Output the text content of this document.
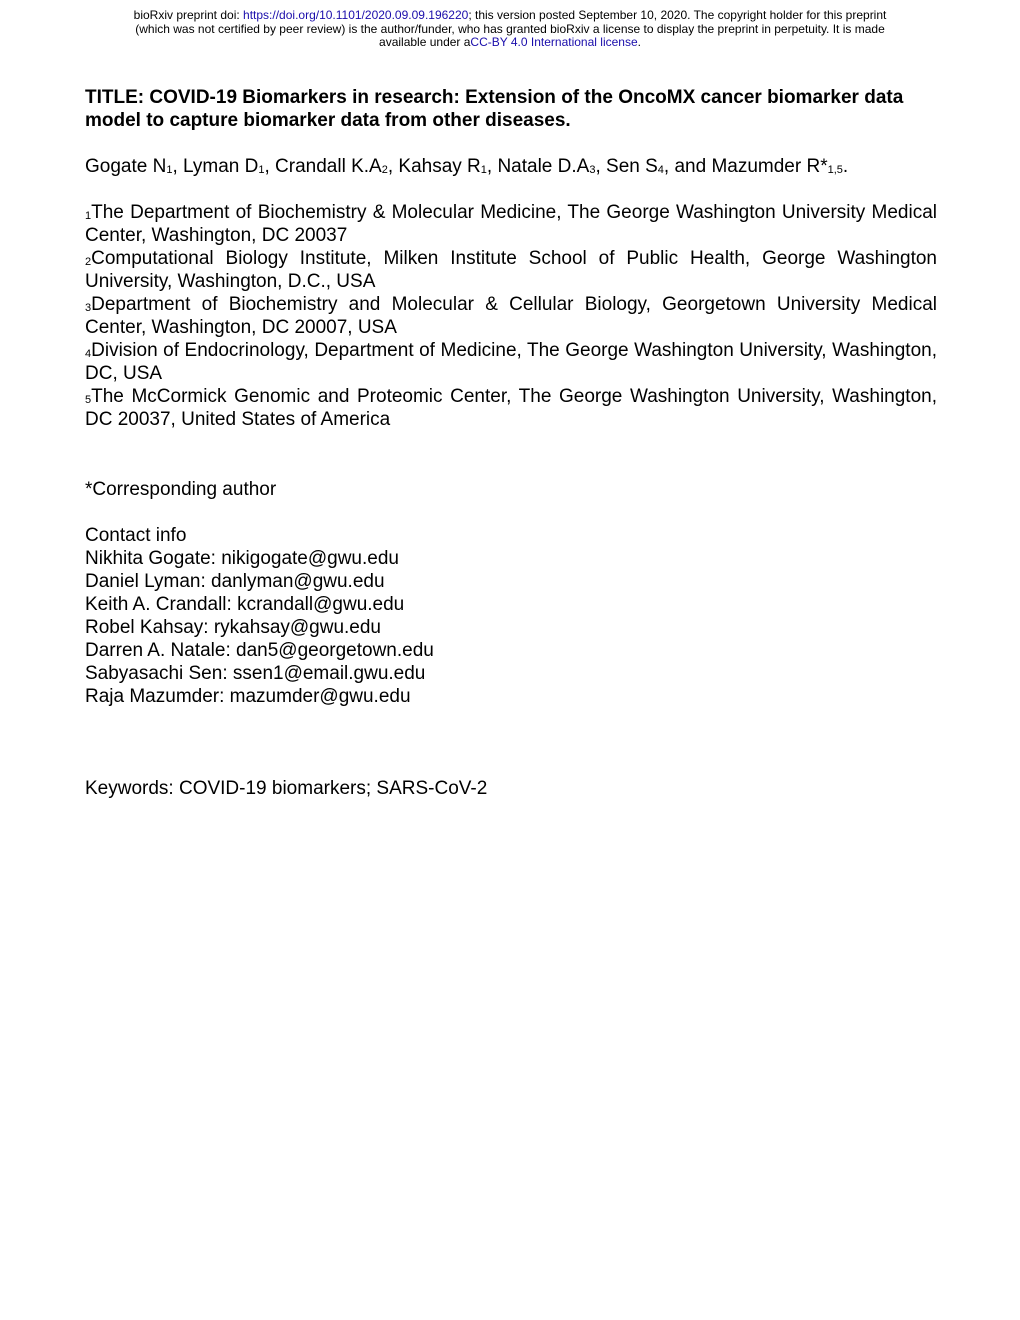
bioRxiv preprint doi: https://doi.org/10.1101/2020.09.09.196220; this version posted September 10, 2020. The copyright holder for this preprint
(which was not certified by peer review) is the author/funder, who has granted bioRxiv a license to display the preprint in perpetuity. It is made
available under aCC-BY 4.0 International license.
TITLE: COVID-19 Biomarkers in research: Extension of the OncoMX cancer biomarker data model to capture biomarker data from other diseases.
Gogate $N_1$, Lyman $D_1$, Crandall $K.A_2$, Kahsay $R_1$, Natale $D.A_3$, Sen $S_4$, and Mazumder $R*_{1,5}$.
$_1$The Department of Biochemistry & Molecular Medicine, The George Washington University Medical Center, Washington, DC 20037
$_2$Computational Biology Institute, Milken Institute School of Public Health, George Washington University, Washington, D.C., USA
$_3$Department of Biochemistry and Molecular & Cellular Biology, Georgetown University Medical Center, Washington, DC 20007, USA
$_4$Division of Endocrinology, Department of Medicine, The George Washington University, Washington, DC, USA
$_5$The McCormick Genomic and Proteomic Center, The George Washington University, Washington, DC 20037, United States of America
*Corresponding author
Contact info
Nikhita Gogate: nikigogate@gwu.edu
Daniel Lyman: danlyman@gwu.edu
Keith A. Crandall: kcrandall@gwu.edu
Robel Kahsay: rykahsay@gwu.edu
Darren A. Natale: dan5@georgetown.edu
Sabyasachi Sen: ssen1@email.gwu.edu
Raja Mazumder: mazumder@gwu.edu
Keywords: COVID-19 biomarkers; SARS-CoV-2
